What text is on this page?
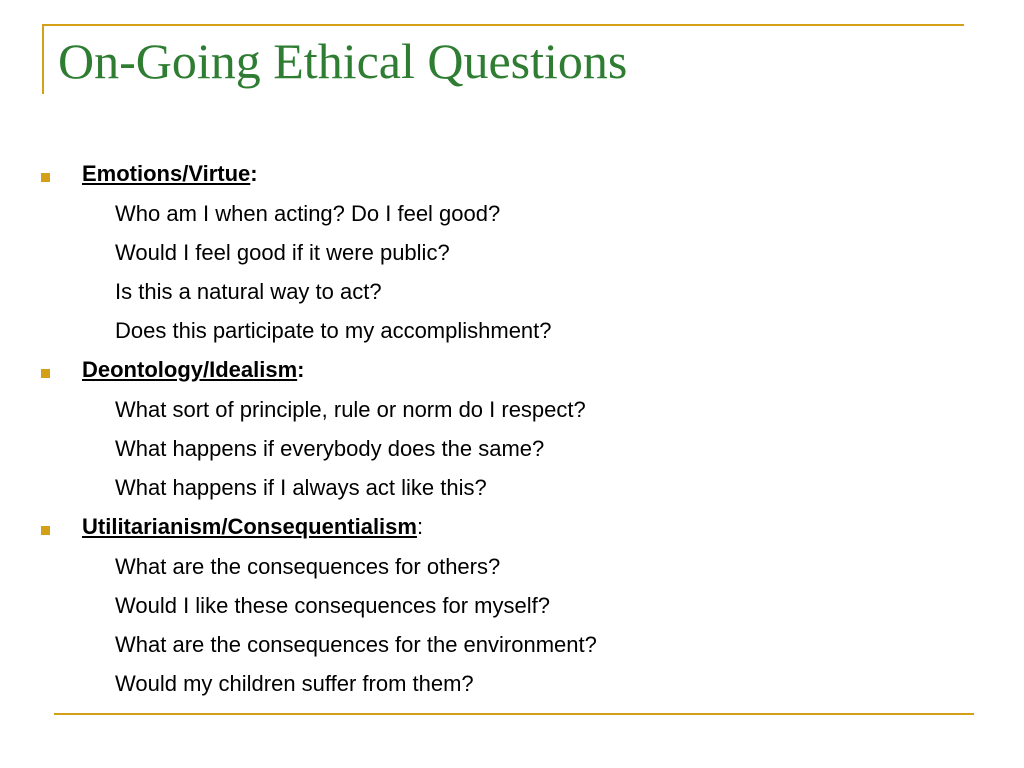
On-Going Ethical Questions
Emotions/Virtue:
Who am I when acting? Do I feel good?
Would I feel good if it were public?
Is this a natural way to act?
Does this participate to my accomplishment?
Deontology/Idealism:
What sort of principle, rule or norm do I respect?
What happens if everybody does the same?
What happens if I always act like this?
Utilitarianism/Consequentialism:
What are the consequences for others?
Would I like these consequences for myself?
What are the consequences for the environment?
Would my children suffer from them?
